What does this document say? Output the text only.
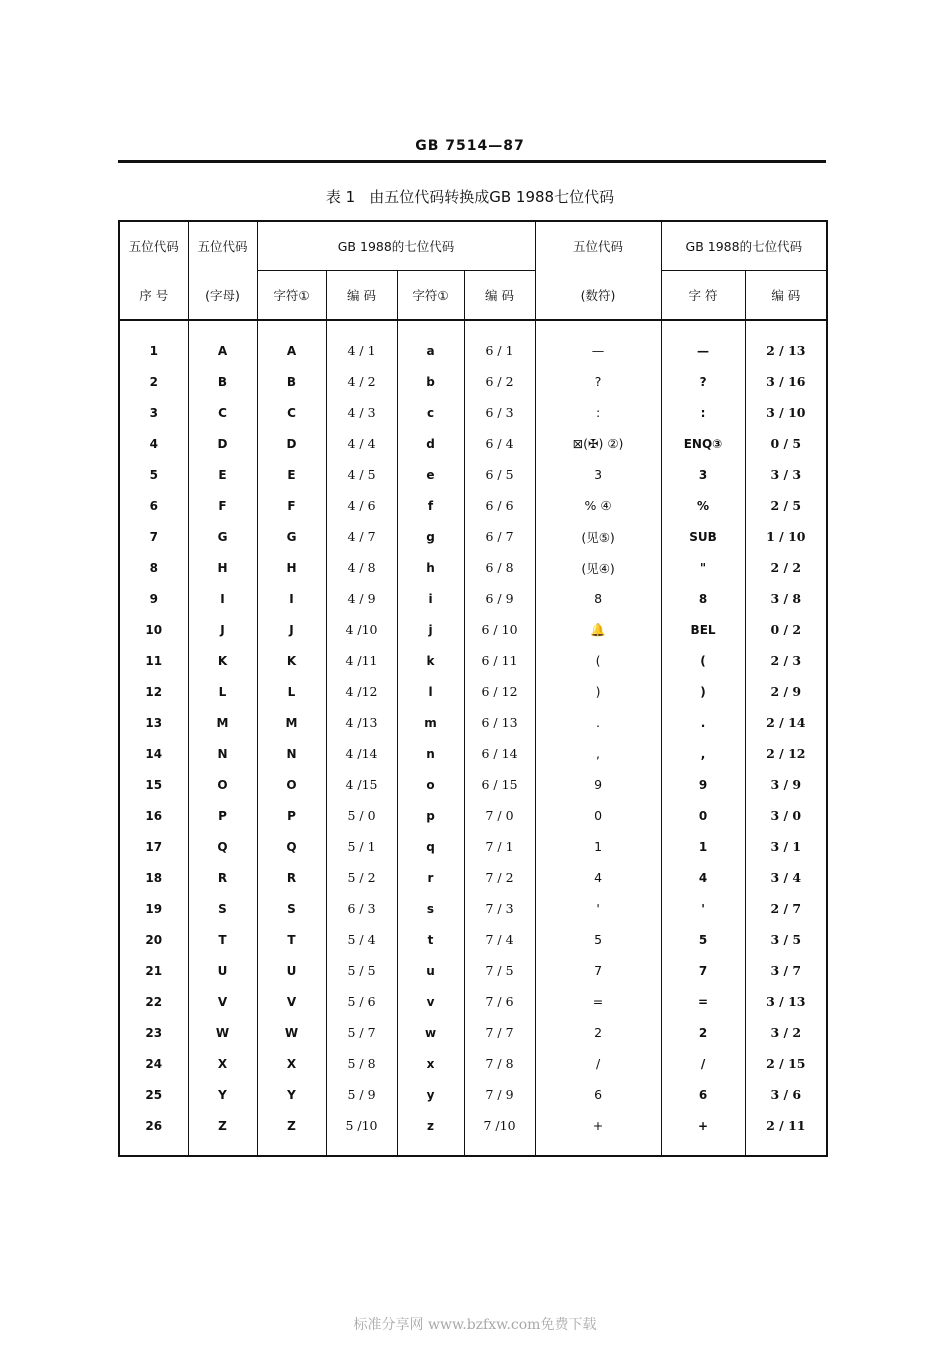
GB 7514—87
表 1 由五位代码转换成GB 1988七位代码
五位代码	五位代码	GB 1988的七位代码				五位代码	GB 1988的七位代码	
序 号	(字母)	字符①	编 码	字符①	编 码	(数符)	字 符	编 码
1	A	A	4 / 1	a	6 / 1	—	—	2 / 13
2	B	B	4 / 2	b	6 / 2	?	?	3 / 16
3	C	C	4 / 3	c	6 / 3	:	:	3 / 10
4	D	D	4 / 4	d	6 / 4	⊠(✠) ②)	ENQ③	0 / 5
5	E	E	4 / 5	e	6 / 5	3	3	3 / 3
6	F	F	4 / 6	f	6 / 6	% ④	%	2 / 5
7	G	G	4 / 7	g	6 / 7	(见⑤)	SUB	1 / 10
8	H	H	4 / 8	h	6 / 8	(见④)	"	2 / 2
9	I	I	4 / 9	i	6 / 9	8	8	3 / 8
10	J	J	4 /10	j	6 / 10	🔔	BEL	0 / 2
11	K	K	4 /11	k	6 / 11	(	(	2 / 3
12	L	L	4 /12	l	6 / 12	)	)	2 / 9
13	M	M	4 /13	m	6 / 13	.	.	2 / 14
14	N	N	4 /14	n	6 / 14	,	,	2 / 12
15	O	O	4 /15	o	6 / 15	9	9	3 / 9
16	P	P	5 / 0	p	7 / 0	0	0	3 / 0
17	Q	Q	5 / 1	q	7 / 1	1	1	3 / 1
18	R	R	5 / 2	r	7 / 2	4	4	3 / 4
19	S	S	6 / 3	s	7 / 3	'	'	2 / 7
20	T	T	5 / 4	t	7 / 4	5	5	3 / 5
21	U	U	5 / 5	u	7 / 5	7	7	3 / 7
22	V	V	5 / 6	v	7 / 6	=	=	3 / 13
23	W	W	5 / 7	w	7 / 7	2	2	3 / 2
24	X	X	5 / 8	x	7 / 8	/	/	2 / 15
25	Y	Y	5 / 9	y	7 / 9	6	6	3 / 6
26	Z	Z	5 /10	z	7 /10	+	+	2 / 11
标准分享网 www.bzfxw.com免费下载
